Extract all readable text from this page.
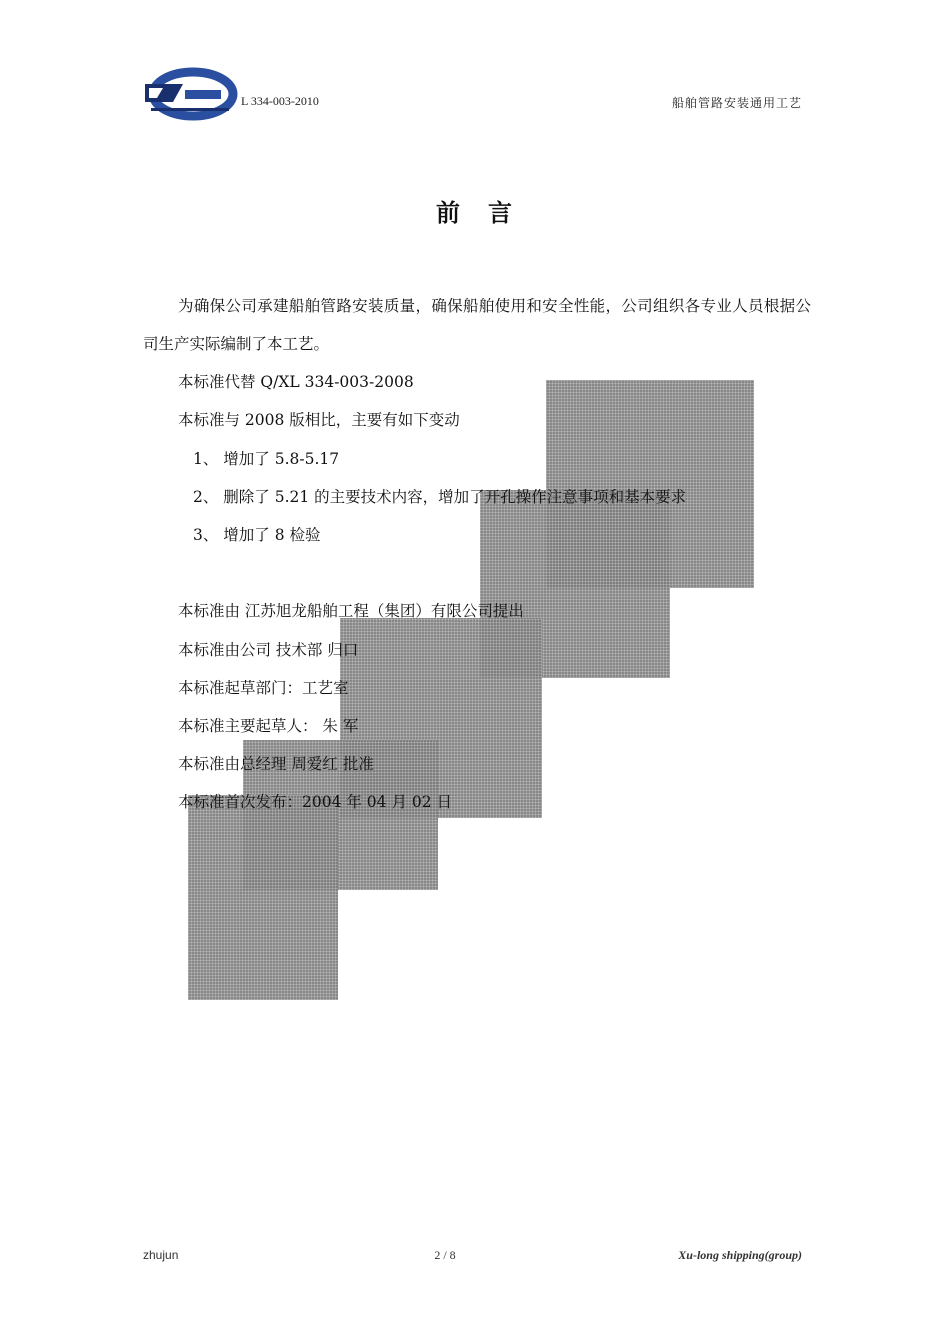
L 334-003-2010	船舶管路安装通用工艺
前　言
为确保公司承建船舶管路安装质量，确保船舶使用和安全性能，公司组织各专业人员根据公司生产实际编制了本工艺。
本标准代替 Q/XL 334-003-2008
本标准与 2008 版相比，主要有如下变动
1、 增加了 5.8-5.17
2、 删除了 5.21 的主要技术内容，增加了开孔操作注意事项和基本要求
3、 增加了 8 检验
本标准由 江苏旭龙船舶工程（集团）有限公司提出
本标准由公司 技术部 归口
本标准起草部门：工艺室
本标准主要起草人： 朱 军
本标准由总经理 周爱红 批准
本标准首次发布：2004 年 04 月 02 日
zhujun	2 / 8	Xu-long shipping(group)
